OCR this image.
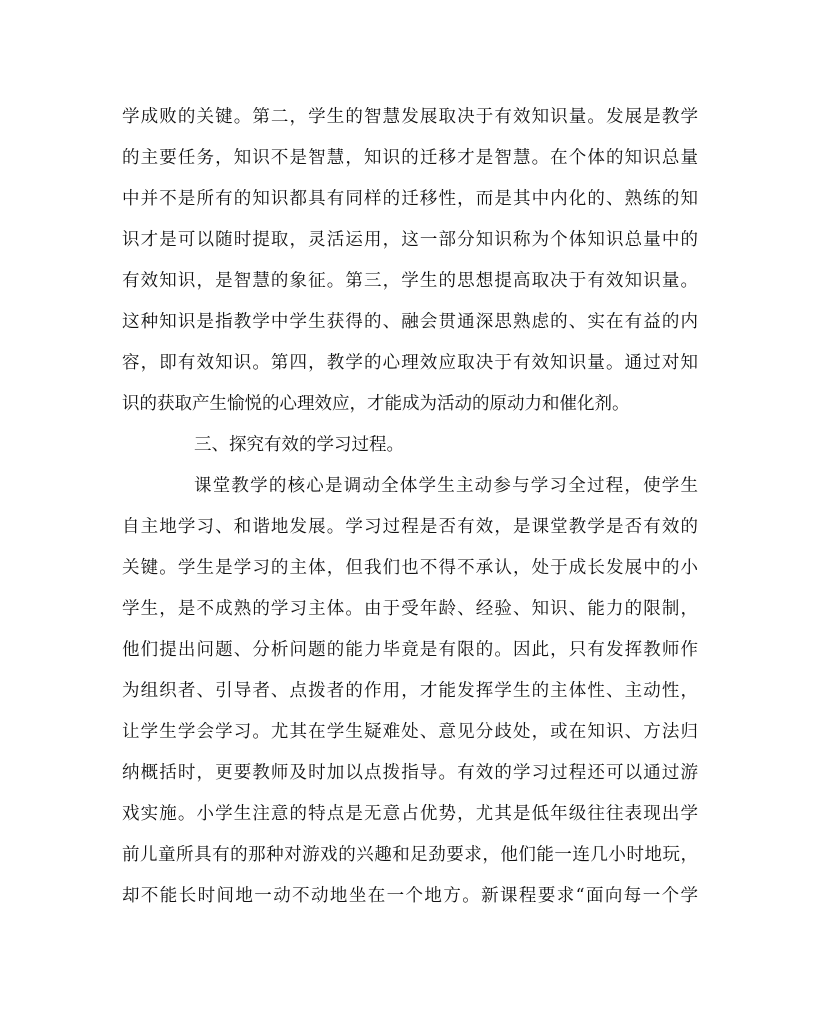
学成败的关键。第二，学生的智慧发展取决于有效知识量。发展是教学
的主要任务，知识不是智慧，知识的迁移才是智慧。在个体的知识总量
中并不是所有的知识都具有同样的迁移性，而是其中内化的、熟练的知
识才是可以随时提取，灵活运用，这一部分知识称为个体知识总量中的
有效知识，是智慧的象征。第三，学生的思想提高取决于有效知识量。
这种知识是指教学中学生获得的、融会贯通深思熟虑的、实在有益的内
容，即有效知识。第四，教学的心理效应取决于有效知识量。通过对知
识的获取产生愉悦的心理效应，才能成为活动的原动力和催化剂。
三、探究有效的学习过程。
课堂教学的核心是调动全体学生主动参与学习全过程，使学生
自主地学习、和谐地发展。学习过程是否有效，是课堂教学是否有效的
关键。学生是学习的主体，但我们也不得不承认，处于成长发展中的小
学生，是不成熟的学习主体。由于受年龄、经验、知识、能力的限制，
他们提出问题、分析问题的能力毕竟是有限的。因此，只有发挥教师作
为组织者、引导者、点拨者的作用，才能发挥学生的主体性、主动性，
让学生学会学习。尤其在学生疑难处、意见分歧处，或在知识、方法归
纳概括时，更要教师及时加以点拨指导。有效的学习过程还可以通过游
戏实施。小学生注意的特点是无意占优势，尤其是低年级往往表现出学
前儿童所具有的那种对游戏的兴趣和足劲要求，他们能一连几小时地玩，
却不能长时间地一动不动地坐在一个地方。新课程要求“面向每一个学
